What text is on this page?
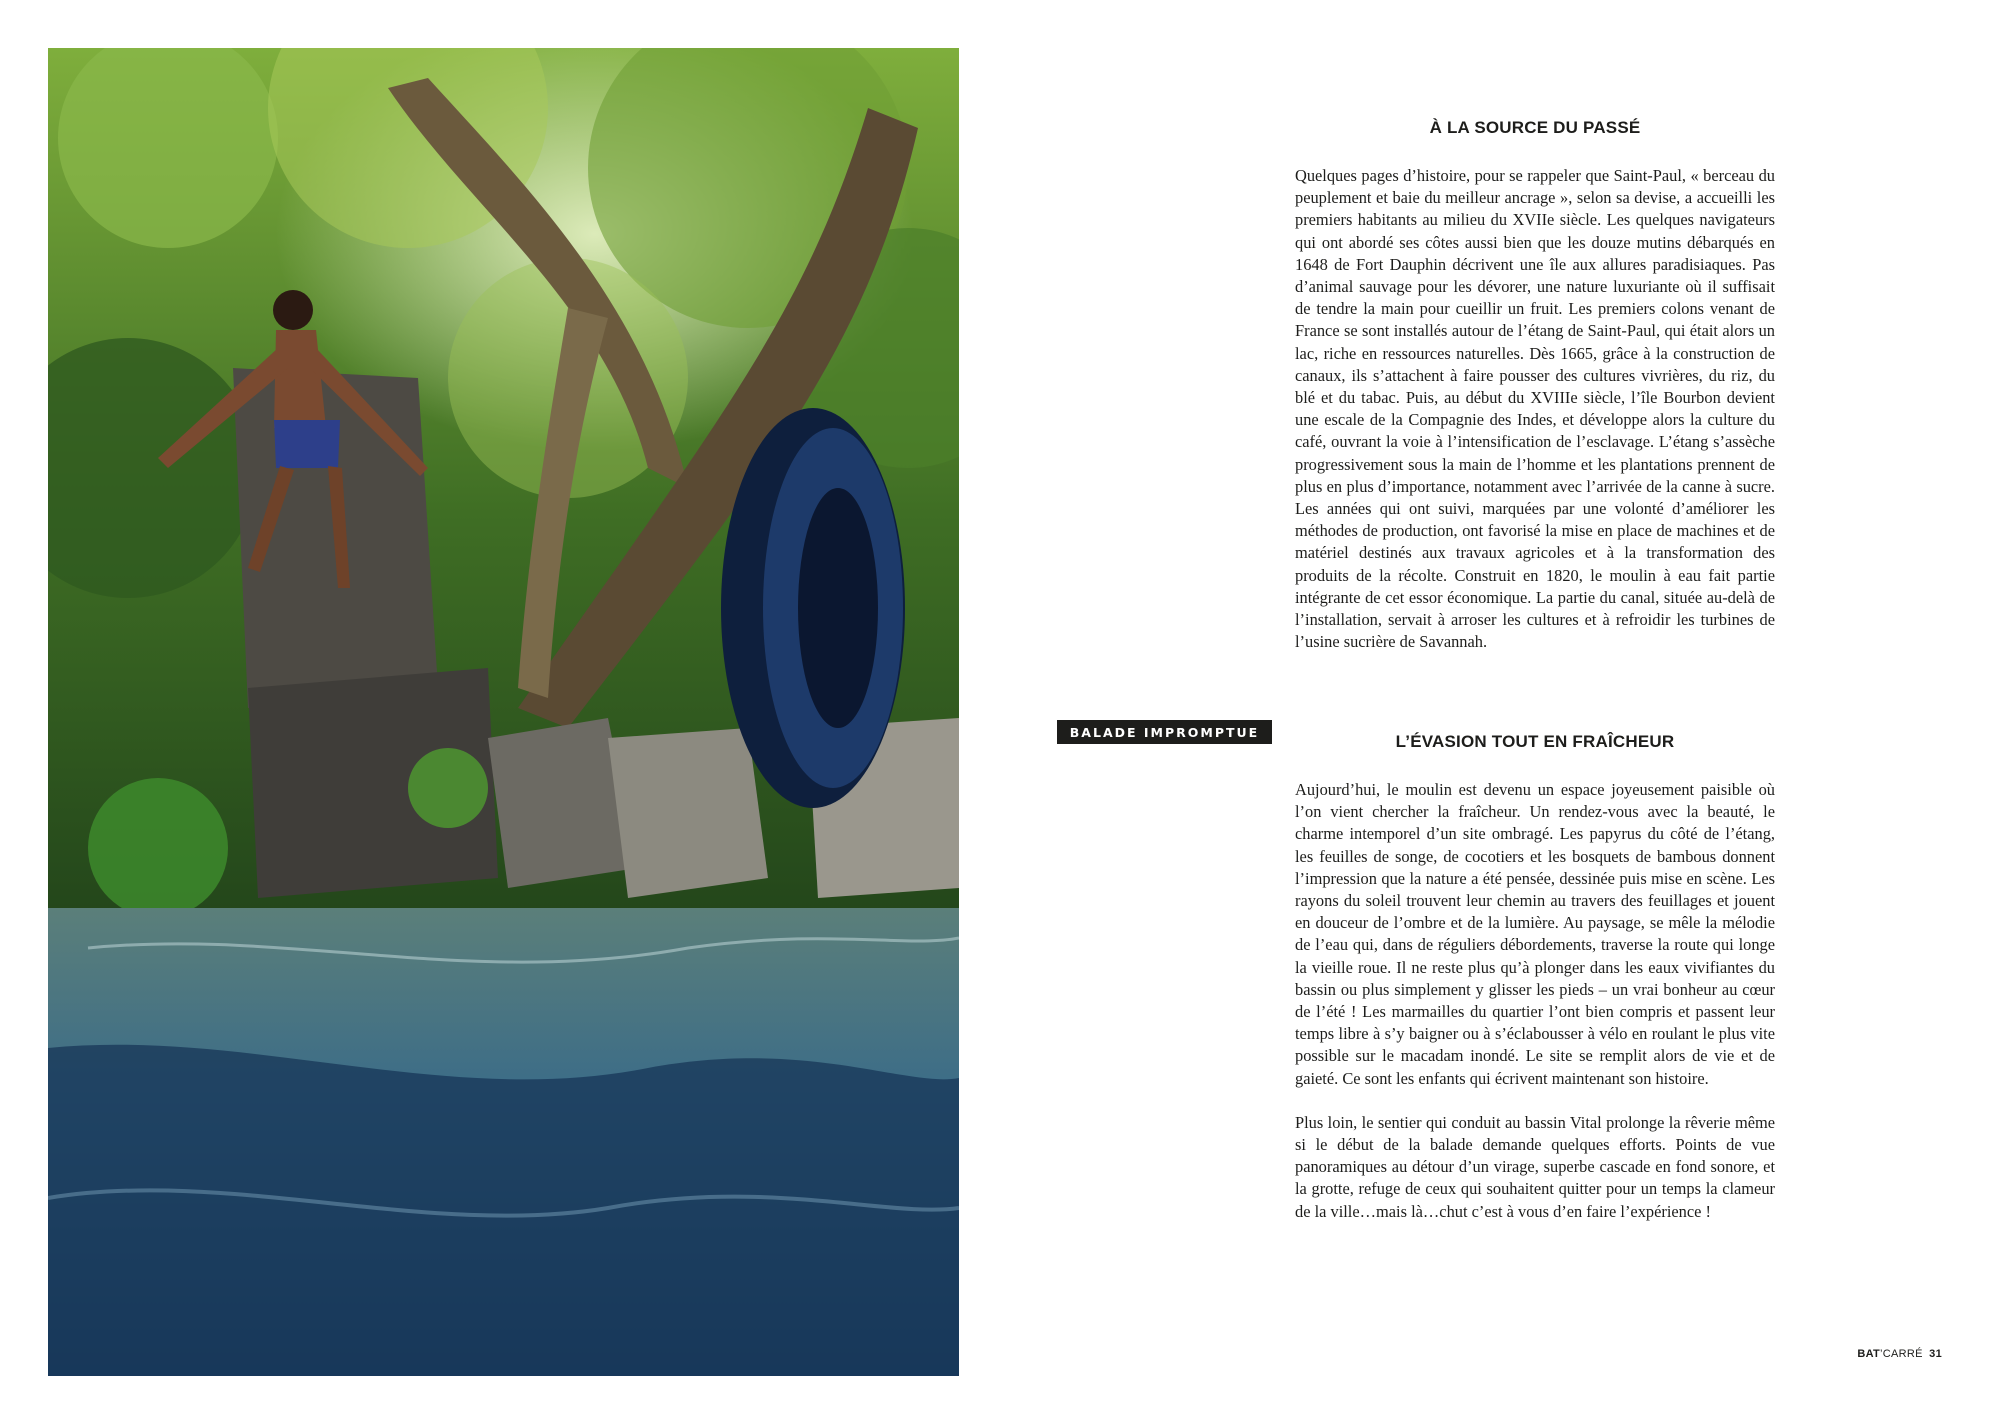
BALADE IMPROMPTUE
À LA SOURCE DU PASSÉ

Quelques pages d’histoire, pour se rappeler que Saint-Paul, « berceau du peuplement et baie du meilleur ancrage », selon sa devise, a accueilli les premiers habitants au milieu du XVIIe siècle. Les quelques navigateurs qui ont abordé ses côtes aussi bien que les douze mutins débarqués en 1648 de Fort Dauphin décrivent une île aux allures paradisiaques. Pas d’animal sauvage pour les dévorer, une nature luxuriante où il suffisait de tendre la main pour cueillir un fruit. Les premiers colons venant de France se sont installés autour de l’étang de Saint-Paul, qui était alors un lac, riche en ressources naturelles. Dès 1665, grâce à la construction de canaux, ils s’attachent à faire pousser des cultures vivrières, du riz, du blé et du tabac. Puis, au début du XVIIIe siècle, l’île Bourbon devient une escale de la Compagnie des Indes, et développe alors la culture du café, ouvrant la voie à l’intensification de l’esclavage. L’étang s’assèche progressivement sous la main de l’homme et les plantations prennent de plus en plus d’importance, notamment avec l’arrivée de la canne à sucre. Les années qui ont suivi, marquées par une volonté d’améliorer les méthodes de production, ont favorisé la mise en place de machines et de matériel destinés aux travaux agricoles et à la transformation des produits de la récolte. Construit en 1820, le moulin à eau fait partie intégrante de cet essor économique. La partie du canal, située au-delà de l’installation, servait à arroser les cultures et à refroidir les turbines de l’usine sucrière de Savannah.

L’ÉVASION TOUT EN FRAÎCHEUR

Aujourd’hui, le moulin est devenu un espace joyeusement paisible où l’on vient chercher la fraîcheur. Un rendez-vous avec la beauté, le charme intemporel d’un site ombragé. Les papyrus du côté de l’étang, les feuilles de songe, de cocotiers et les bosquets de bambous donnent l’impression que la nature a été pensée, dessinée puis mise en scène. Les rayons du soleil trouvent leur chemin au travers des feuillages et jouent en douceur de l’ombre et de la lumière. Au paysage, se mêle la mélodie de l’eau qui, dans de réguliers débordements, traverse la route qui longe la vieille roue. Il ne reste plus qu’à plonger dans les eaux vivifiantes du bassin ou plus simplement y glisser les pieds – un vrai bonheur au cœur de l’été ! Les marmailles du quartier l’ont bien compris et passent leur temps libre à s’y baigner ou à s’éclabousser à vélo en roulant le plus vite possible sur le macadam inondé. Le site se remplit alors de vie et de gaieté. Ce sont les enfants qui écrivent maintenant son histoire.

Plus loin, le sentier qui conduit au bassin Vital prolonge la rêverie même si le début de la balade demande quelques efforts. Points de vue panoramiques au détour d’un virage, superbe cascade en fond sonore, et la grotte, refuge de ceux qui souhaitent quitter pour un temps la clameur de la ville…mais là…chut c’est à vous d’en faire l’expérience !

BAT’CARRÉ 31
